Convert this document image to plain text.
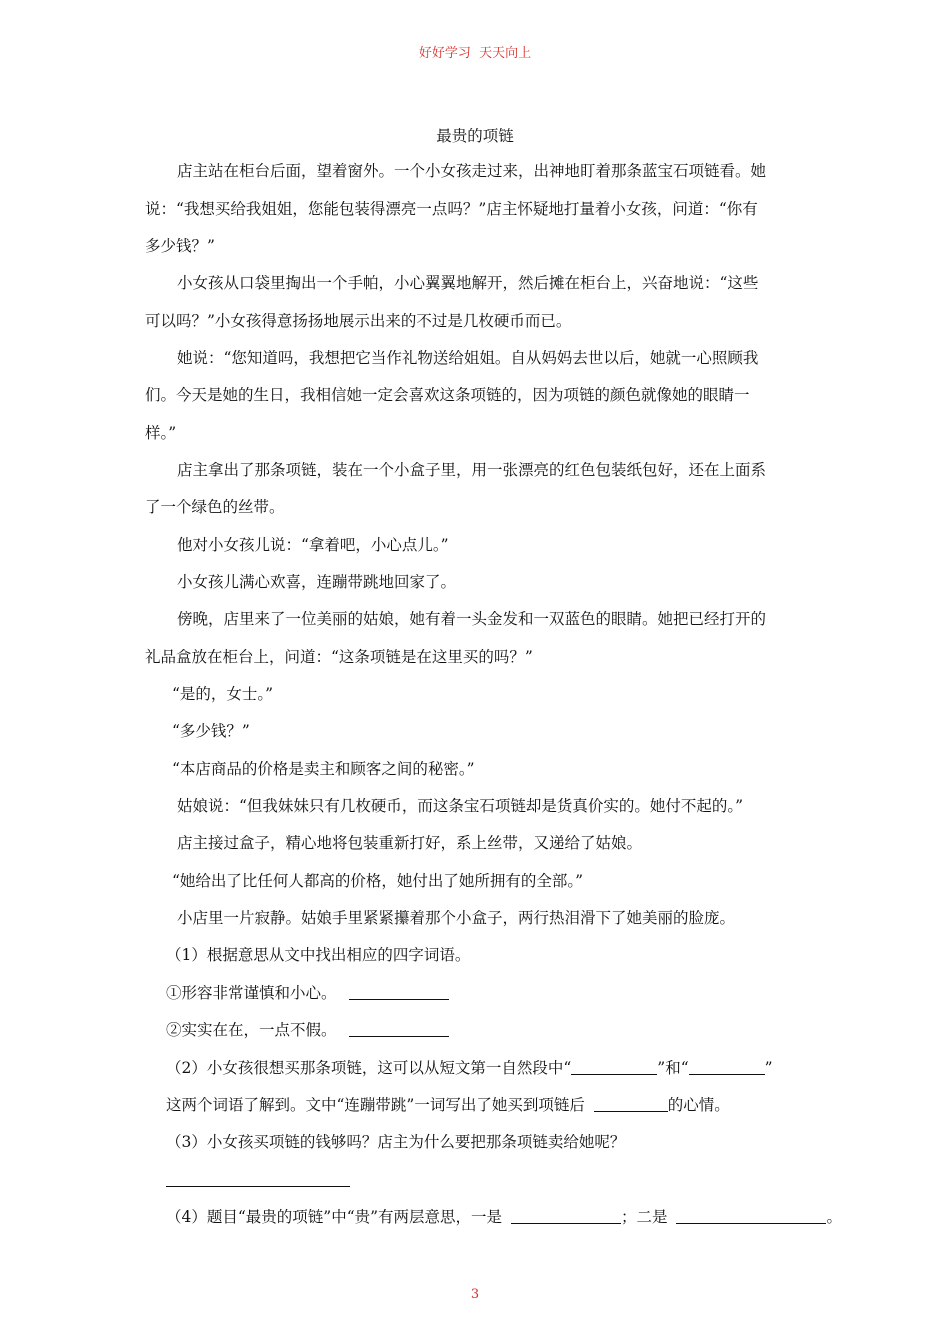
好好学习  天天向上
最贵的项链
店主站在柜台后面，望着窗外。一个小女孩走过来，出神地盯着那条蓝宝石项链看。她
说：“我想买给我姐姐，您能包装得漂亮一点吗？”店主怀疑地打量着小女孩，问道：“你有
多少钱？”
小女孩从口袋里掏出一个手帕，小心翼翼地解开，然后摊在柜台上，兴奋地说：“这些
可以吗？”小女孩得意扬扬地展示出来的不过是几枚硬币而已。
她说：“您知道吗，我想把它当作礼物送给姐姐。自从妈妈去世以后，她就一心照顾我
们。今天是她的生日，我相信她一定会喜欢这条项链的，因为项链的颜色就像她的眼睛一
样。”
店主拿出了那条项链，装在一个小盒子里，用一张漂亮的红色包装纸包好，还在上面系
了一个绿色的丝带。
他对小女孩儿说：“拿着吧，小心点儿。”
小女孩儿满心欢喜，连蹦带跳地回家了。
傍晚，店里来了一位美丽的姑娘，她有着一头金发和一双蓝色的眼睛。她把已经打开的
礼品盒放在柜台上，问道：“这条项链是在这里买的吗？”
“是的，女士。”
“多少钱？”
“本店商品的价格是卖主和顾客之间的秘密。”
姑娘说：“但我妹妹只有几枚硬币，而这条宝石项链却是货真价实的。她付不起的。”
店主接过盒子，精心地将包装重新打好，系上丝带，又递给了姑娘。
“她给出了比任何人都高的价格，她付出了她所拥有的全部。”
小店里一片寂静。姑娘手里紧紧攥着那个小盒子，两行热泪滑下了她美丽的脸庞。
（1）根据意思从文中找出相应的四字词语。
①形容非常谨慎和小心。
②实实在在，一点不假。
（2）小女孩很想买那条项链，这可以从短文第一自然段中“	”和“	”
这两个词语了解到。文中“连蹦带跳”一词写出了她买到项链后	的心情。
（3）小女孩买项链的钱够吗？店主为什么要把那条项链卖给她呢？
（4）题目“最贵的项链”中“贵”有两层意思，一是	；二是	。
3
